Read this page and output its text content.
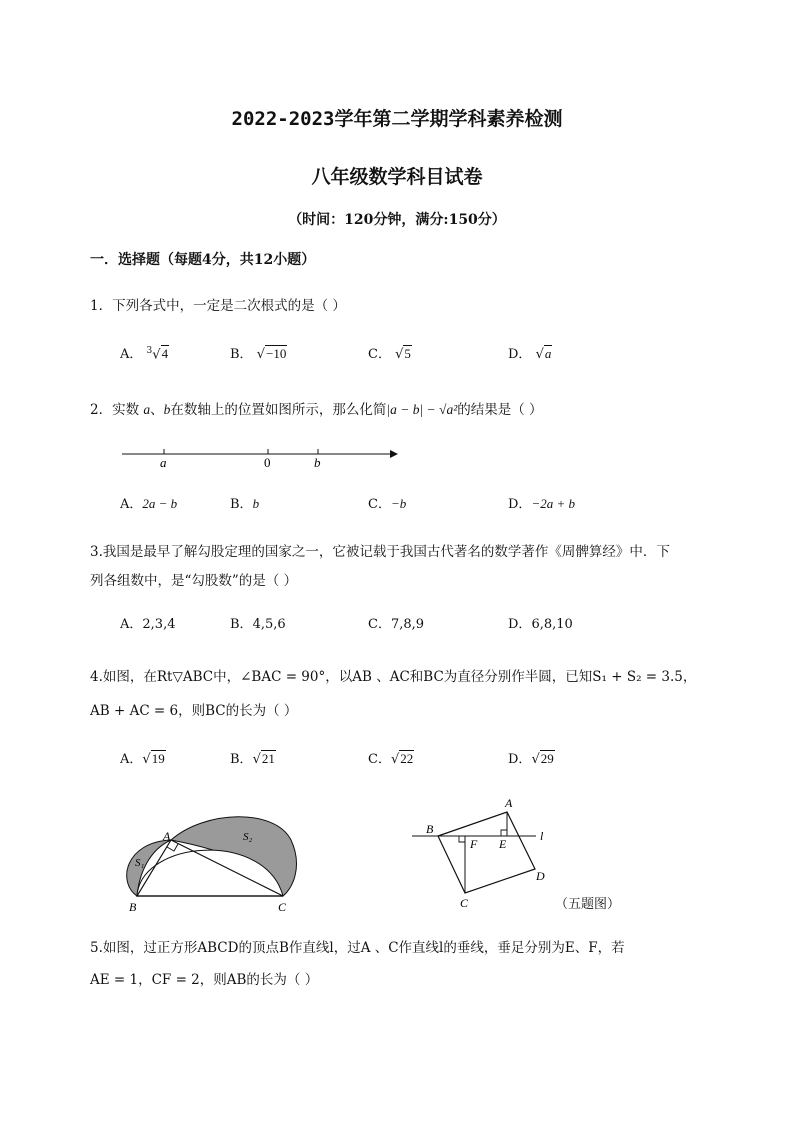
2022-2023学年第二学期学科素养检测
八年级数学科目试卷
（时间：120分钟，满分:150分）
一．选择题（每题4分，共12小题）
1．下列各式中，一定是二次根式的是（ ）
A． $^3$√4	B． √−10	C． √5	D． √a
2．实数 a、b在数轴上的位置如图所示，那么化简|a − b| − √a²的结果是（ ）
a	0	b
A．2a − b	B．b	C．−b	D．−2a + b
3.我国是最早了解勾股定理的国家之一，它被记载于我国古代著名的数学著作《周髀算经》中．下
列各组数中，是“勾股数”的是（ ）
A．2,3,4	B．4,5,6	C．7,8,9	D．6,8,10
4.如图，在Rt▽ABC中，∠BAC = 90°，以AB 、AC和BC为直径分别作半圆，已知S₁ + S₂ = 3.5，
AB + AC = 6，则BC的长为（ ）
A．√19	B．√21	C．√22	D．√29
A
B	C
S₁
S₂
A
B
C
D
E
F
l
（五题图）
5.如图，过正方形ABCD的顶点B作直线l，过A 、C作直线l的垂线，垂足分别为E、F，若
AE = 1，CF = 2，则AB的长为（ ）
